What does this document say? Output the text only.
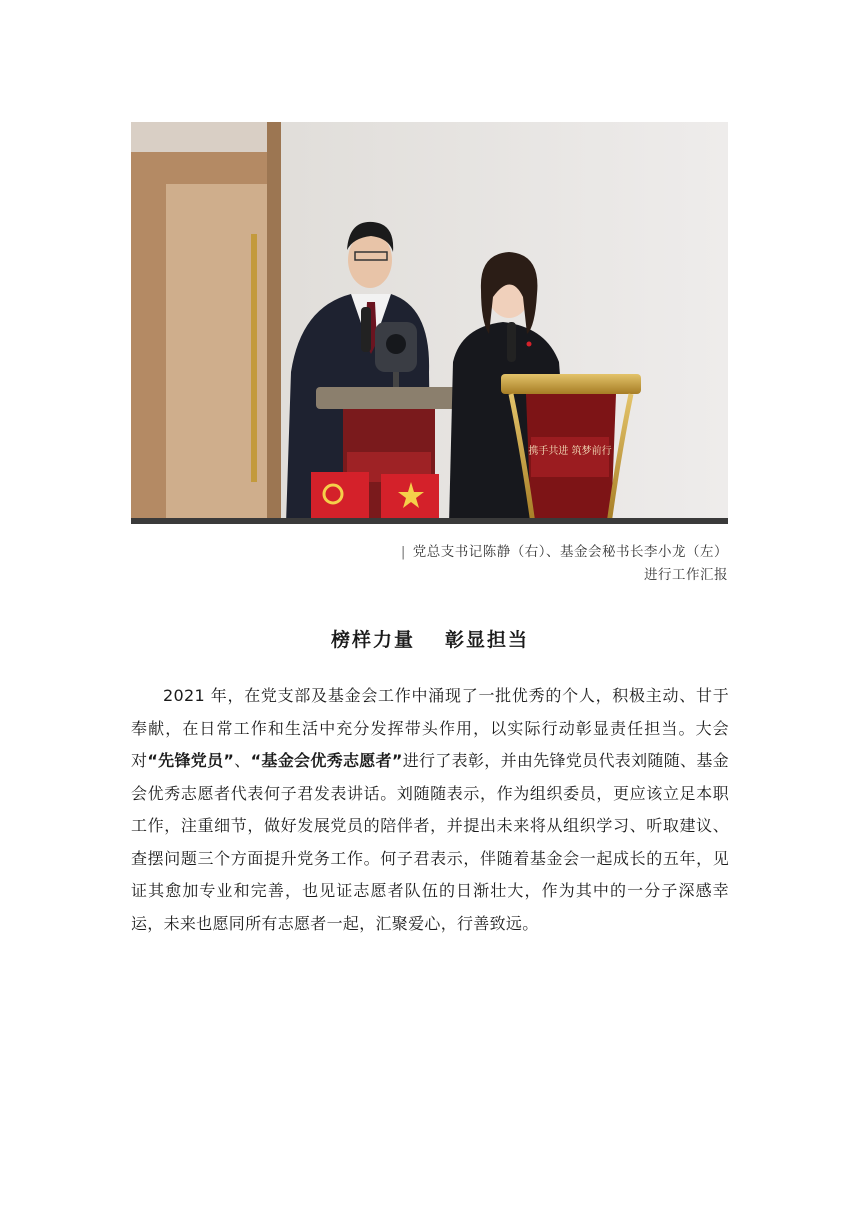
携手共进 筑梦前行
| 党总支书记陈静（右）、基金会秘书长李小龙（左）
进行工作汇报
榜样力量 彰显担当

2021 年，在党支部及基金会工作中涌现了一批优秀的个人，积极主动、甘于奉献，在日常工作和生活中充分发挥带头作用，以实际行动彰显责任担当。大会对“先锋党员”、“基金会优秀志愿者”进行了表彰，并由先锋党员代表刘随随、基金会优秀志愿者代表何子君发表讲话。刘随随表示，作为组织委员，更应该立足本职工作，注重细节，做好发展党员的陪伴者，并提出未来将从组织学习、听取建议、查摆问题三个方面提升党务工作。何子君表示，伴随着基金会一起成长的五年，见证其愈加专业和完善，也见证志愿者队伍的日渐壮大，作为其中的一分子深感幸运，未来也愿同所有志愿者一起，汇聚爱心，行善致远。
